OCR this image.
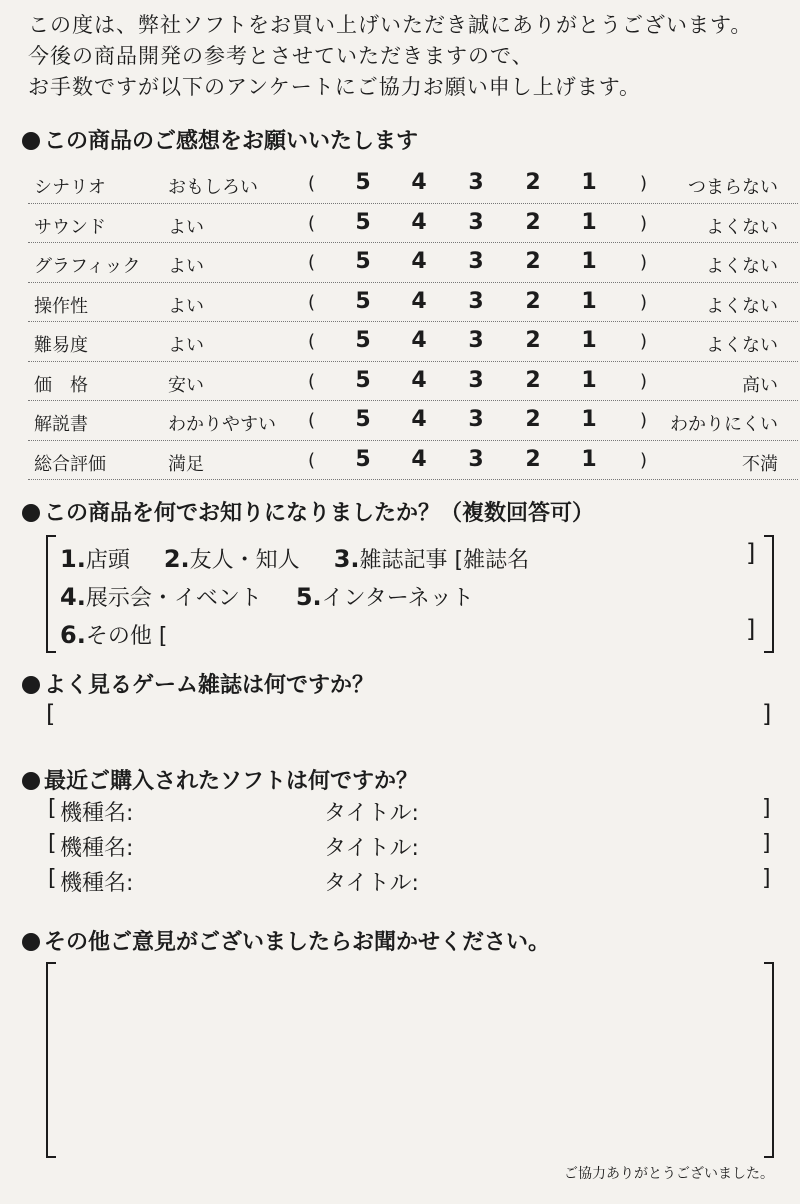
この度は、弊社ソフトをお買い上げいただき誠にありがとうございます。
今後の商品開発の参考とさせていただきますので、
お手数ですが以下のアンケートにご協力お願い申し上げます。
この商品のご感想をお願いいたします
シナリオ	おもしろい	(	5	4	3	2	1	) つまらない
サウンド	よい	(	5	4	3	2	1	)	よくない
グラフィック よい	(	5	4	3	2	1	)	よくない
操作性	よい	(	5	4	3	2	1	)	よくない
難易度	よい	(	5	4	3	2	1	)	よくない
価　格	安い	(	5	4	3	2	1	)	高い
解説書	わかりやすい (	5	4	3	2	1	) わかりにくい
総合評価	満足	(	5	4	3	2	1	)	不満
この商品を何でお知りになりましたか？（複数回答可）
1.店頭 2.友人・知人 3.雑誌記事 [雑誌名	]
4.展示会・イベント 5.インターネット
6.その他 [	]
よく見るゲーム雑誌は何ですか？
[	]
最近ご購入されたソフトは何ですか？
[ 機種名:	タイトル:	]
[ 機種名:	タイトル:	]
[ 機種名:	タイトル:	]
その他ご意見がございましたらお聞かせください。
ご協力ありがとうございました。
